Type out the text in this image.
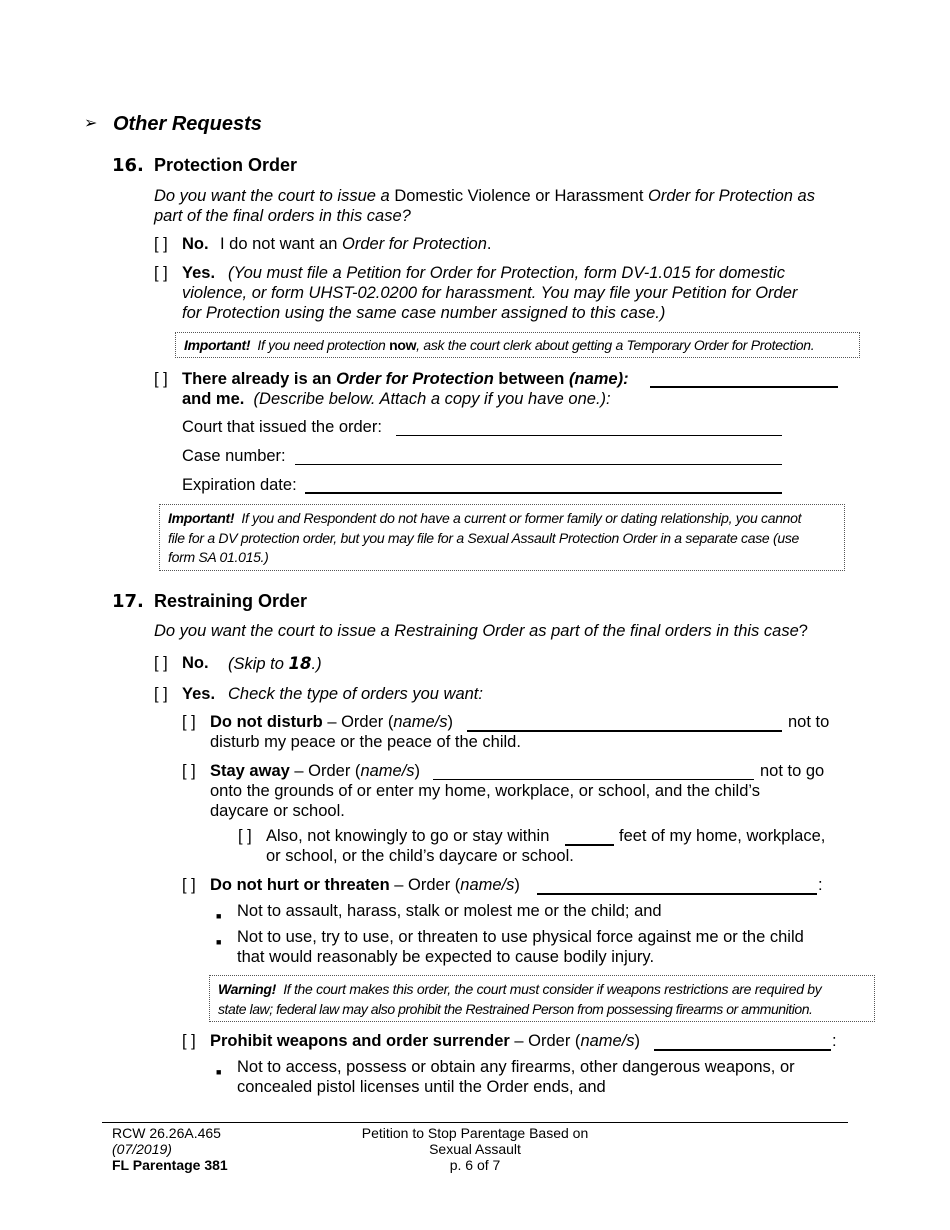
➢ Other Requests
16. Protection Order
Do you want the court to issue a Domestic Violence or Harassment Order for Protection as
part of the final orders in this case?
[ ] No. I do not want an Order for Protection.
[ ] Yes. (You must file a Petition for Order for Protection, form DV-1.015 for domestic
violence, or form UHST-02.0200 for harassment. You may file your Petition for Order
for Protection using the same case number assigned to this case.)
Important! If you need protection now, ask the court clerk about getting a Temporary Order for Protection.
[ ] There already is an Order for Protection between (name):
and me. (Describe below. Attach a copy if you have one.):
Court that issued the order:
Case number:
Expiration date:
Important! If you and Respondent do not have a current or former family or dating relationship, you cannot
file for a DV protection order, but you may file for a Sexual Assault Protection Order in a separate case (use
form SA 01.015.)
17. Restraining Order
Do you want the court to issue a Restraining Order as part of the final orders in this case?
[ ] No. (Skip to 18.)
[ ] Yes. Check the type of orders you want:
[ ] Do not disturb – Order (name/s)	not to
disturb my peace or the peace of the child.
[ ] Stay away – Order (name/s)	not to go
onto the grounds of or enter my home, workplace, or school, and the child’s
daycare or school.
[ ] Also, not knowingly to go or stay within	feet of my home, workplace,
or school, or the child’s daycare or school.
[ ] Do not hurt or threaten – Order (name/s)	:
■ Not to assault, harass, stalk or molest me or the child; and
■ Not to use, try to use, or threaten to use physical force against me or the child
that would reasonably be expected to cause bodily injury.
Warning! If the court makes this order, the court must consider if weapons restrictions are required by
state law; federal law may also prohibit the Restrained Person from possessing firearms or ammunition.
[ ] Prohibit weapons and order surrender – Order (name/s)	:
■ Not to access, possess or obtain any firearms, other dangerous weapons, or
concealed pistol licenses until the Order ends, and
RCW 26.26A.465
(07/2019)
FL Parentage 381
Petition to Stop Parentage Based on
Sexual Assault
p. 6 of 7
